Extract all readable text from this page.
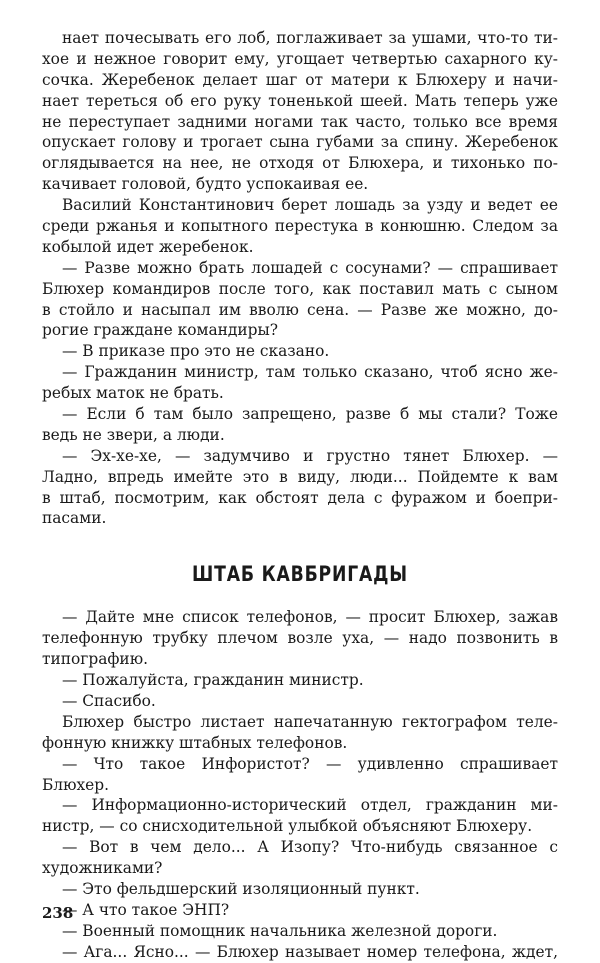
нает почесывать его лоб, поглаживает за ушами, что-то ти-
хое и нежное говорит ему, угощает четвертью сахарного ку-
сочка. Жеребенок делает шаг от матери к Блюхеру и начи-
нает тереться об его руку тоненькой шеей. Мать теперь уже
не переступает задними ногами так часто, только все время
опускает голову и трогает сына губами за спину. Жеребенок
оглядывается на нее, не отходя от Блюхера, и тихонько по-
качивает головой, будто успокаивая ее.
Василий Константинович берет лошадь за узду и ведет ее
среди ржанья и копытного перестука в конюшню. Следом за
кобылой идет жеребенок.
— Разве можно брать лошадей с сосунами? — спрашивает
Блюхер командиров после того, как поставил мать с сыном
в стойло и насыпал им вволю сена. — Разве же можно, до-
рогие граждане командиры?
— В приказе про это не сказано.
— Гражданин министр, там только сказано, чтоб ясно же-
ребых маток не брать.
— Если б там было запрещено, разве б мы стали? Тоже
ведь не звери, а люди.
— Эх-хе-хе, — задумчиво и грустно тянет Блюхер. —
Ладно, впредь имейте это в виду, люди... Пойдемте к вам
в штаб, посмотрим, как обстоят дела с фуражом и боепри-
пасами.
ШТАБ КАВБРИГАДЫ
— Дайте мне список телефонов, — просит Блюхер, зажав
телефонную трубку плечом возле уха, — надо позвонить в
типографию.
— Пожалуйста, гражданин министр.
— Спасибо.
Блюхер быстро листает напечатанную гектографом теле-
фонную книжку штабных телефонов.
— Что такое Инфористот? — удивленно спрашивает
Блюхер.
— Информационно-исторический отдел, гражданин ми-
нистр, — со снисходительной улыбкой объясняют Блюхеру.
— Вот в чем дело... А Изопу? Что-нибудь связанное с
художниками?
— Это фельдшерский изоляционный пункт.
— А что такое ЭНП?
— Военный помощник начальника железной дороги.
— Ага... Ясно... — Блюхер называет номер телефона, ждет,
238
